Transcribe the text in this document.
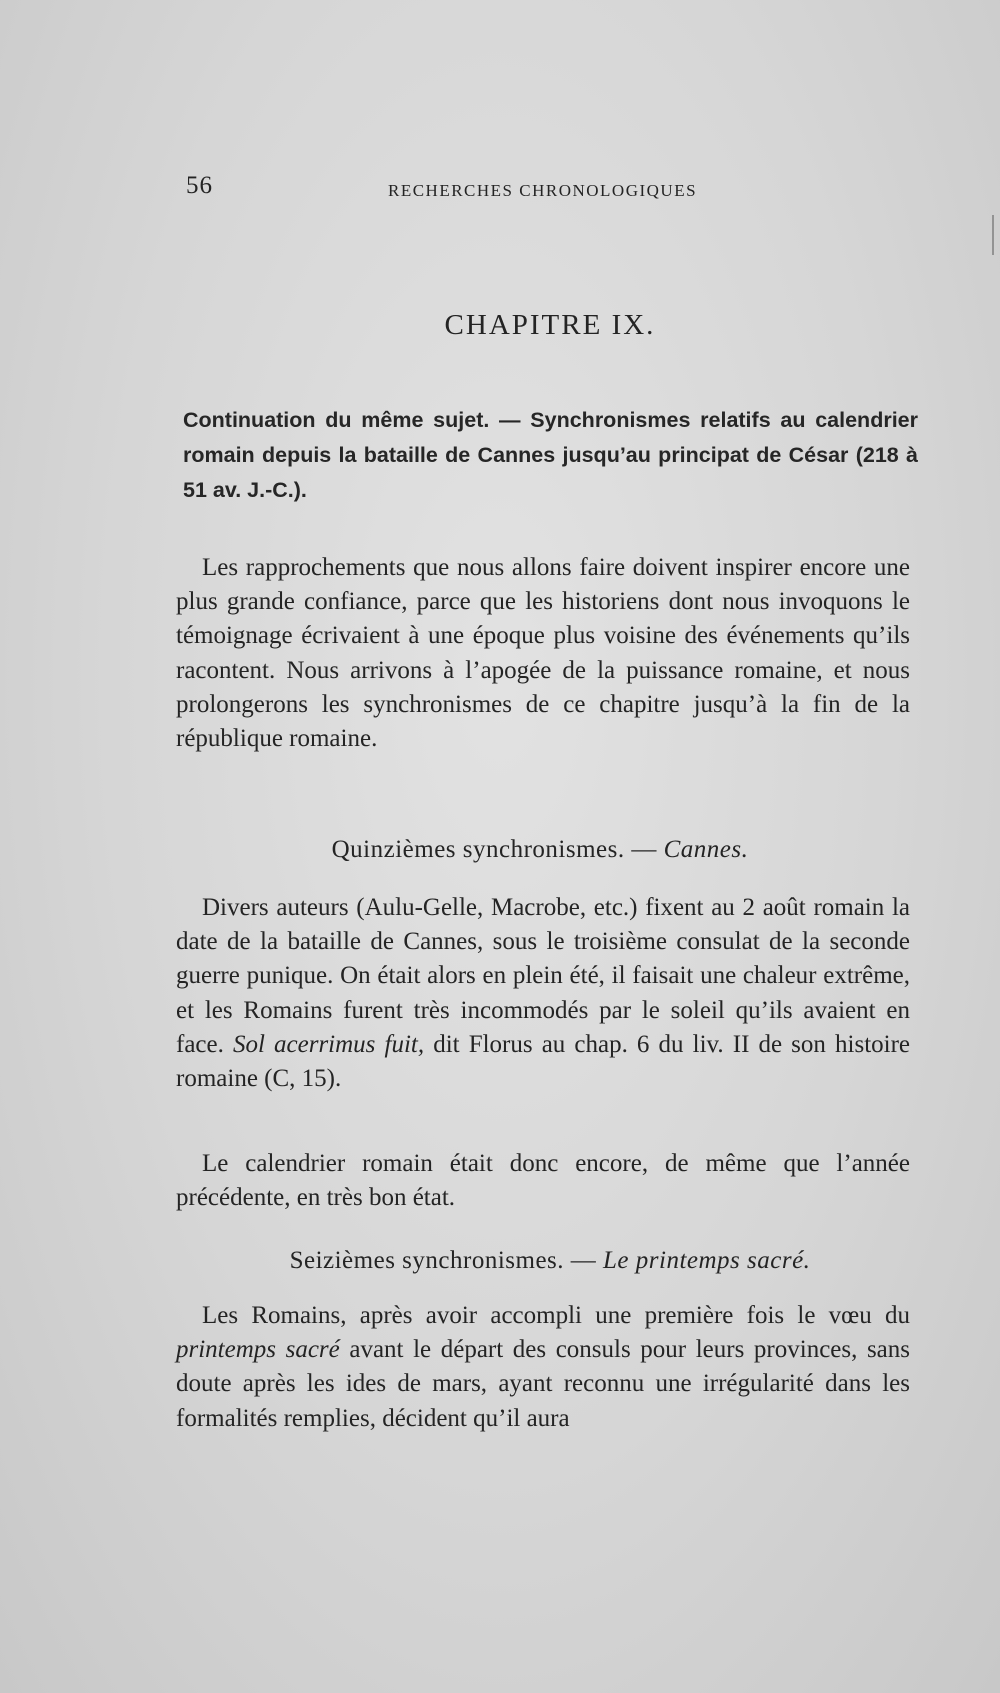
56	RECHERCHES CHRONOLOGIQUES
CHAPITRE IX.
Continuation du même sujet. — Synchronismes relatifs au calendrier romain depuis la bataille de Cannes jusqu’au principat de César (218 à 51 av. J.-C.).

Les rapprochements que nous allons faire doivent inspirer encore une plus grande confiance, parce que les historiens dont nous invoquons le témoignage écrivaient à une époque plus voisine des événements qu’ils racontent. Nous arrivons à l’apogée de la puissance romaine, et nous prolongerons les synchronismes de ce chapitre jusqu’à la fin de la république romaine.

Quinzièmes synchronismes. — Cannes.

Divers auteurs (Aulu-Gelle, Macrobe, etc.) fixent au 2 août romain la date de la bataille de Cannes, sous le troisième consulat de la seconde guerre punique. On était alors en plein été, il faisait une chaleur extrême, et les Romains furent très incommodés par le soleil qu’ils avaient en face. Sol acerrimus fuit, dit Florus au chap. 6 du liv. II de son histoire romaine (C, 15).

Le calendrier romain était donc encore, de même que l’année précédente, en très bon état.

Seizièmes synchronismes. — Le printemps sacré.

Les Romains, après avoir accompli une première fois le vœu du printemps sacré avant le départ des consuls pour leurs provinces, sans doute après les ides de mars, ayant reconnu une irrégularité dans les formalités remplies, décident qu’il aura
